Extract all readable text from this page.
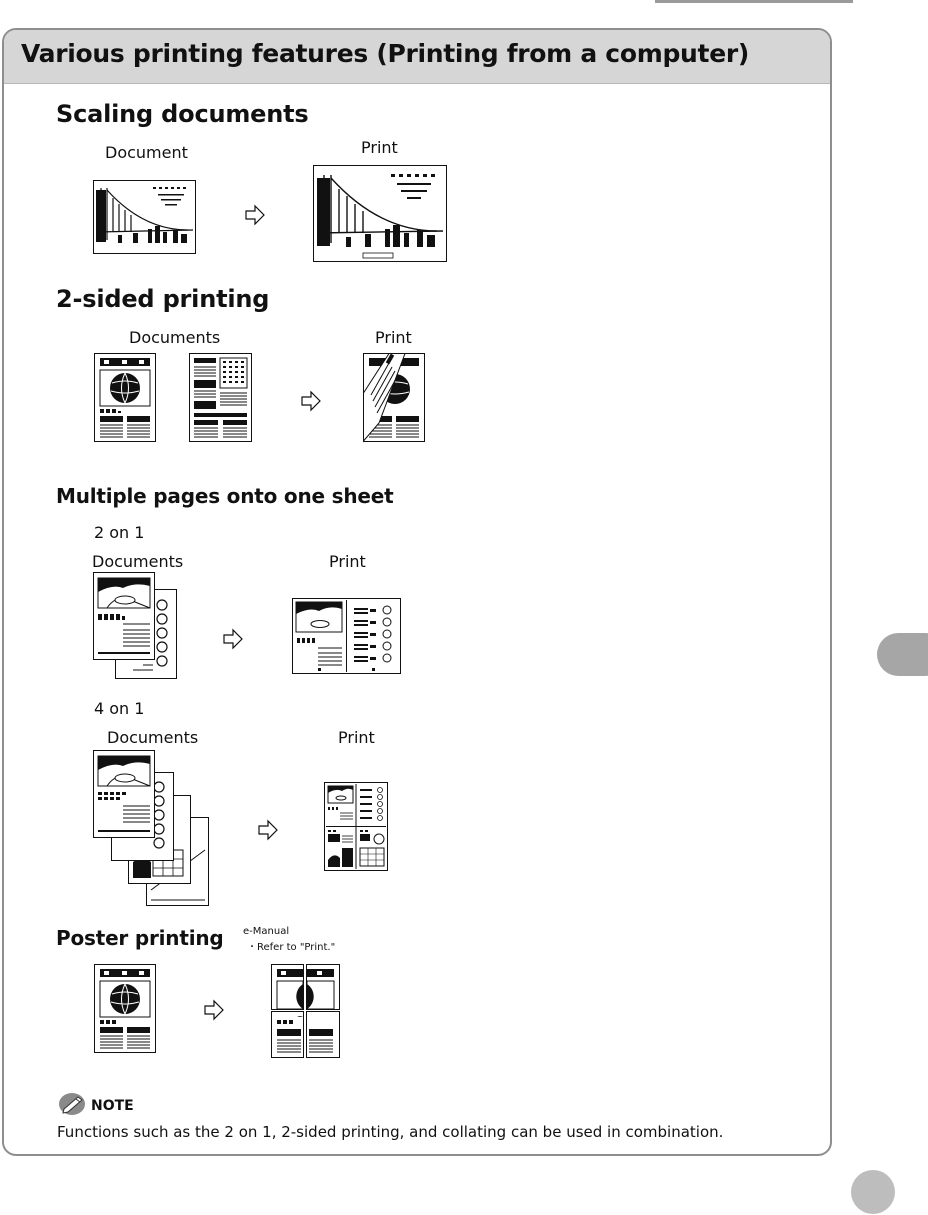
Various printing features (Printing from a computer)
Scaling documents
Document	Print
2-sided printing
Documents	Print
Multiple pages onto one sheet
2 on 1
Documents	Print
4 on 1
Documents	Print
Poster printing e-Manual
・Refer to "Print."
NOTE
Functions such as the 2 on 1, 2-sided printing, and collating can be used in combination.
